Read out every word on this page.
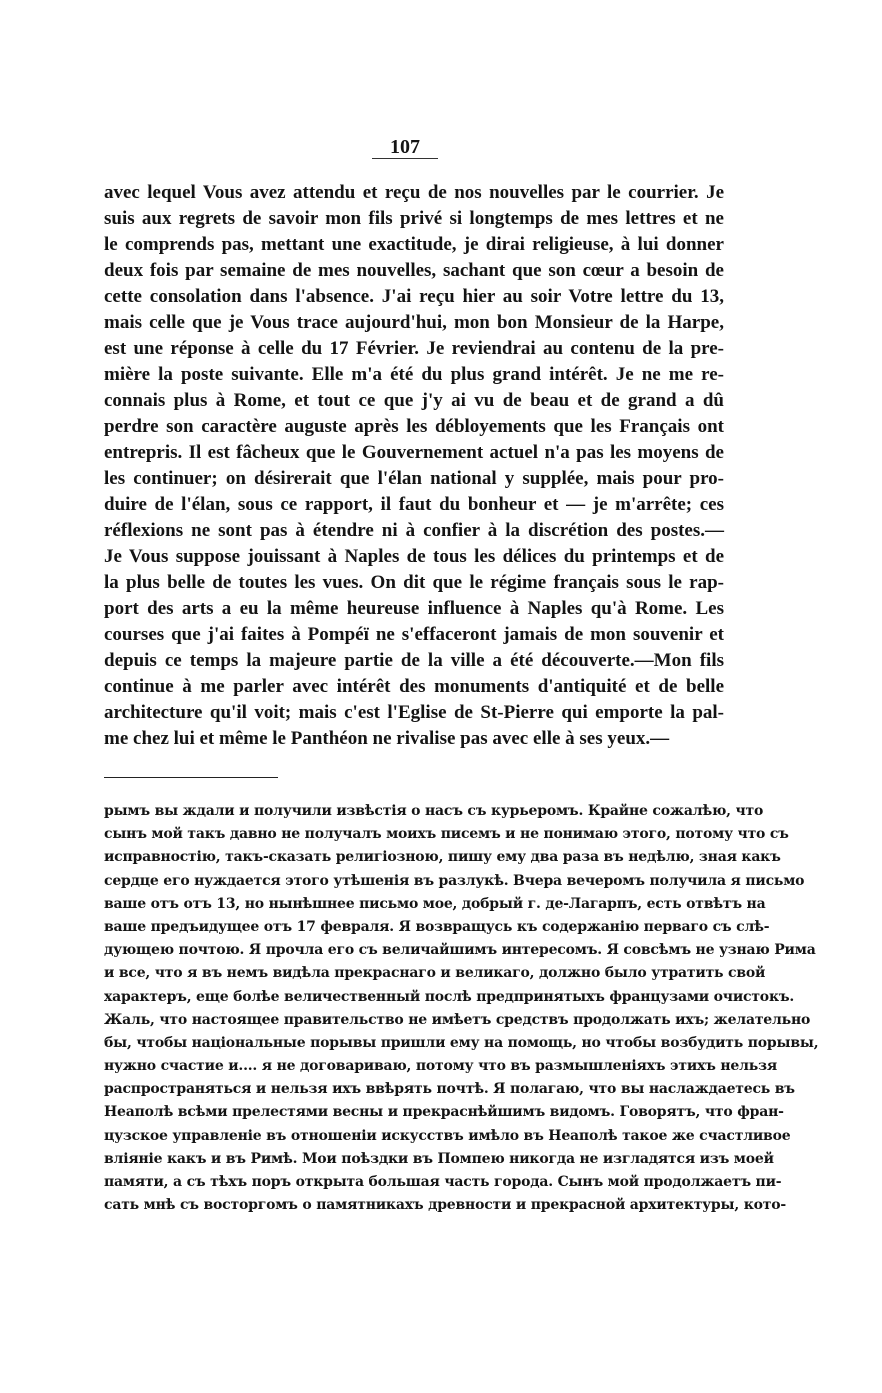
107
avec lequel Vous avez attendu et reçu de nos nouvelles par le courrier. Je
suis aux regrets de savoir mon fils privé si longtemps de mes lettres et ne
le comprends pas, mettant une exactitude, je dirai religieuse, à lui donner
deux fois par semaine de mes nouvelles, sachant que son cœur a besoin de
cette consolation dans l'absence. J'ai reçu hier au soir Votre lettre du 13,
mais celle que je Vous trace aujourd'hui, mon bon Monsieur de la Harpe,
est une réponse à celle du 17 Février. Je reviendrai au contenu de la pre-
mière la poste suivante. Elle m'a été du plus grand intérêt. Je ne me re-
connais plus à Rome, et tout ce que j'y ai vu de beau et de grand a dû
perdre son caractère auguste après les débloyements que les Français ont
entrepris. Il est fâcheux que le Gouvernement actuel n'a pas les moyens de
les continuer; on désirerait que l'élan national y supplée, mais pour pro-
duire de l'élan, sous ce rapport, il faut du bonheur et — je m'arrête; ces
réflexions ne sont pas à étendre ni à confier à la discrétion des postes.—
Je Vous suppose jouissant à Naples de tous les délices du printemps et de
la plus belle de toutes les vues. On dit que le régime français sous le rap-
port des arts a eu la même heureuse influence à Naples qu'à Rome. Les
courses que j'ai faites à Pompéï ne s'effaceront jamais de mon souvenir et
depuis ce temps la majeure partie de la ville a été découverte.—Mon fils
continue à me parler avec intérêt des monuments d'antiquité et de belle
architecture qu'il voit; mais c'est l'Eglise de St-Pierre qui emporte la pal-
me chez lui et même le Panthéon ne rivalise pas avec elle à ses yeux.—
рымъ вы ждали и получили извѣстія о насъ съ курьеромъ. Крайне сожалѣю, что
сынъ мой такъ давно не получалъ моихъ писемъ и не понимаю этого, потому что съ
исправностію, такъ-сказать религіозною, пишу ему два раза въ недѣлю, зная какъ
сердце его нуждается этого утѣшенія въ разлукѣ. Вчера вечеромъ получила я письмо
ваше отъ отъ 13, но нынѣшнее письмо мое, добрый г. де-Лагарпъ, есть отвѣтъ на
ваше предъидущее отъ 17 февраля. Я возвращусь къ содержанію перваго съ слѣ-
дующею почтою. Я прочла его съ величайшимъ интересомъ. Я совсѣмъ не узнаю Рима
и все, что я въ немъ видѣла прекраснаго и великаго, должно было утратить свой
характеръ, еще болѣе величественный послѣ предпринятыхъ французами очистокъ.
Жаль, что настоящее правительство не имѣетъ средствъ продолжать ихъ; желательно
бы, чтобы національные порывы пришли ему на помощь, но чтобы возбудить порывы,
нужно счастие и.... я не договариваю, потому что въ размышленіяхъ этихъ нельзя
распространяться и нельзя ихъ ввѣрять почтѣ. Я полагаю, что вы наслаждаетесь въ
Неаполѣ всѣми прелестями весны и прекраснѣйшимъ видомъ. Говорятъ, что фран-
цузское управленіе въ отношеніи искусствъ имѣло въ Неаполѣ такое же счастливое
вліяніе какъ и въ Римѣ. Мои поѣздки въ Помпею никогда не изгладятся изъ моей
памяти, а съ тѣхъ поръ открыта большая часть города. Сынъ мой продолжаетъ пи-
сать мнѣ съ восторгомъ о памятникахъ древности и прекрасной архитектуры, кото-
